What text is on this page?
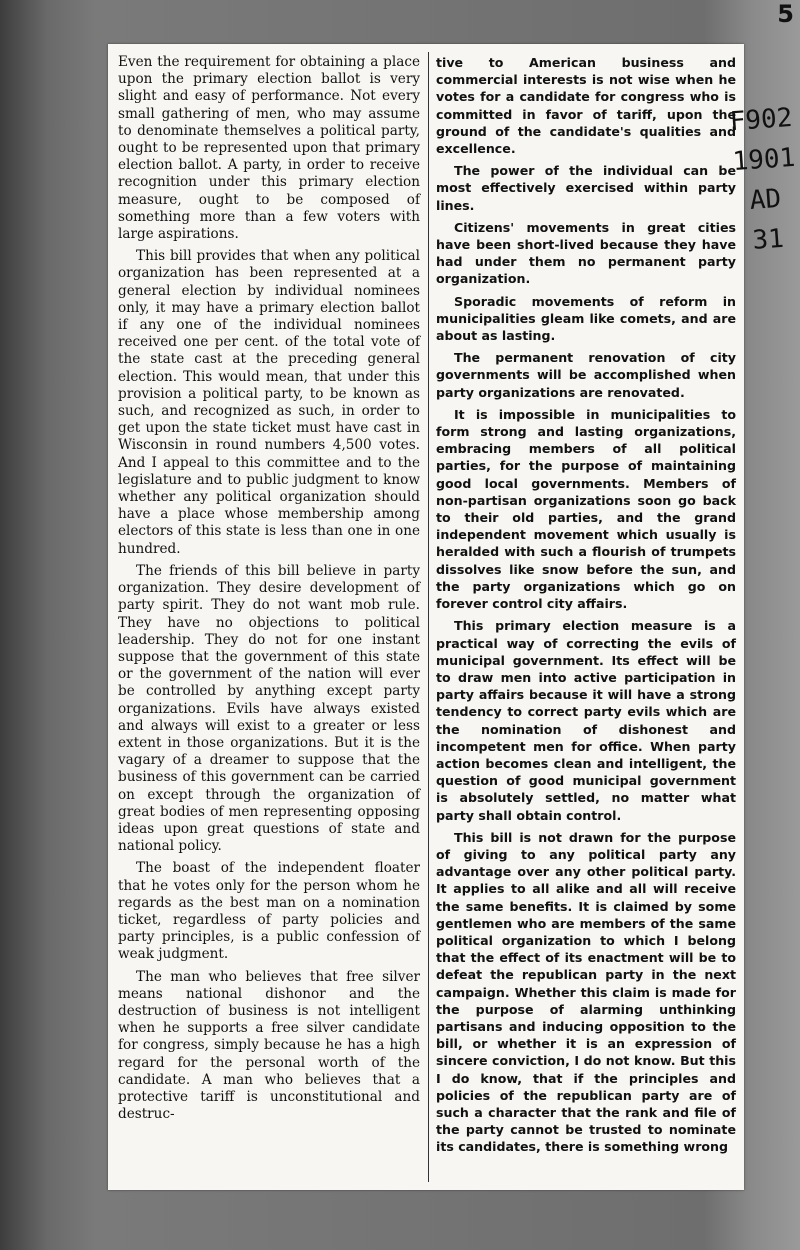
5

Even the requirement for obtaining a place upon the primary election ballot is very slight and easy of performance. Not every small gathering of men, who may assume to denominate themselves a political party, ought to be represented upon that primary election ballot. A party, in order to receive recognition under this primary election measure, ought to be composed of something more than a few voters with large aspirations.

This bill provides that when any political organization has been represented at a general election by individual nominees only, it may have a primary election ballot if any one of the individual nominees received one per cent. of the total vote of the state cast at the preceding general election. This would mean, that under this provision a political party, to be known as such, and recognized as such, in order to get upon the state ticket must have cast in Wisconsin in round numbers 4,500 votes. And I appeal to this committee and to the legislature and to public judgment to know whether any political organization should have a place whose membership among electors of this state is less than one in one hundred.

The friends of this bill believe in party organization. They desire development of party spirit. They do not want mob rule. They have no objections to political leadership. They do not for one instant suppose that the government of this state or the government of the nation will ever be controlled by anything except party organizations. Evils have always existed and always will exist to a greater or less extent in those organizations. But it is the vagary of a dreamer to suppose that the business of this government can be carried on except through the organization of great bodies of men representing opposing ideas upon great questions of state and national policy.

The boast of the independent floater that he votes only for the person whom he regards as the best man on a nomination ticket, regardless of party policies and party principles, is a public confession of weak judgment.

The man who believes that free silver means national dishonor and the destruction of business is not intelligent when he supports a free silver candidate for congress, simply because he has a high regard for the personal worth of the candidate. A man who believes that a protective tariff is unconstitutional and destruc-

tive to American business and commercial interests is not wise when he votes for a candidate for congress who is committed in favor of tariff, upon the ground of the candidate's qualities and excellence.

The power of the individual can be most effectively exercised within party lines.

Citizens' movements in great cities have been short-lived because they have had under them no permanent party organization.

Sporadic movements of reform in municipalities gleam like comets, and are about as lasting.

The permanent renovation of city governments will be accomplished when party organizations are renovated.

It is impossible in municipalities to form strong and lasting organizations, embracing members of all political parties, for the purpose of maintaining good local governments. Members of non-partisan organizations soon go back to their old parties, and the grand independent movement which usually is heralded with such a flourish of trumpets dissolves like snow before the sun, and the party organizations which go on forever control city affairs.

This primary election measure is a practical way of correcting the evils of municipal government. Its effect will be to draw men into active participation in party affairs because it will have a strong tendency to correct party evils which are the nomination of dishonest and incompetent men for office. When party action becomes clean and intelligent, the question of good municipal government is absolutely settled, no matter what party shall obtain control.

This bill is not drawn for the purpose of giving to any political party any advantage over any other political party. It applies to all alike and all will receive the same benefits. It is claimed by some gentlemen who are members of the same political organization to which I belong that the effect of its enactment will be to defeat the republican party in the next campaign. Whether this claim is made for the purpose of alarming unthinking partisans and inducing opposition to the bill, or whether it is an expression of sincere conviction, I do not know. But this I do know, that if the principles and policies of the republican party are of such a character that the rank and file of the party cannot be trusted to nominate its candidates, there is something wrong

F902
1901
AD
31
